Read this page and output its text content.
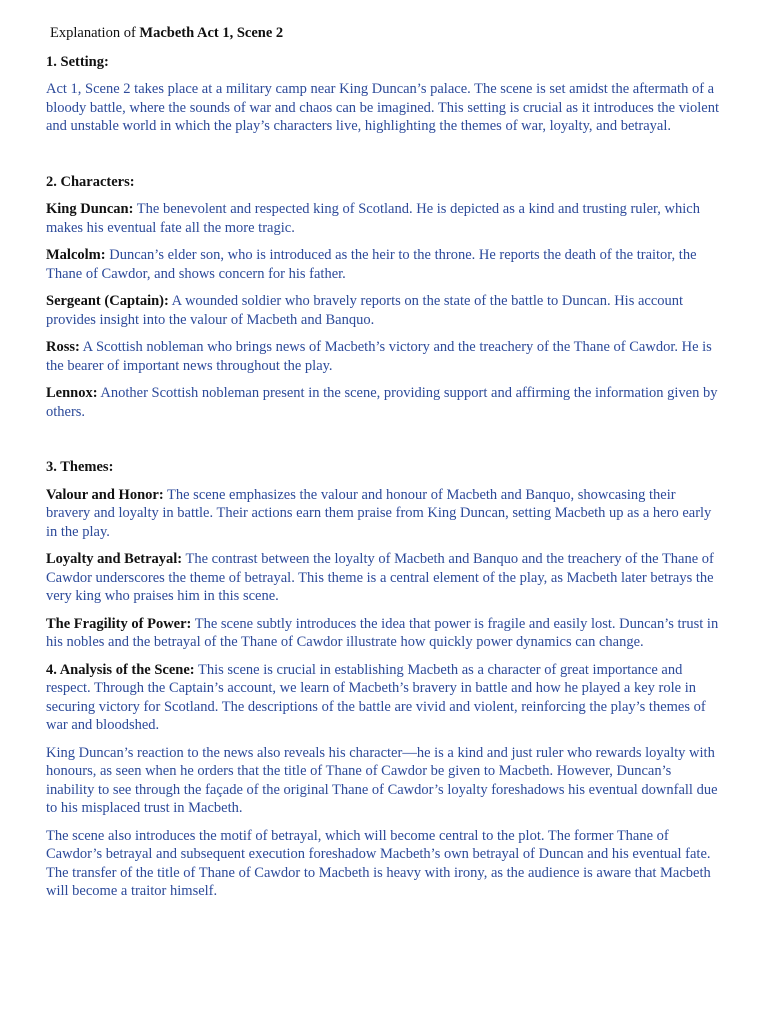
Explanation of Macbeth Act 1, Scene 2
1. Setting:

Act 1, Scene 2 takes place at a military camp near King Duncan’s palace. The scene is set amidst the aftermath of a bloody battle, where the sounds of war and chaos can be imagined. This setting is crucial as it introduces the violent and unstable world in which the play’s characters live, highlighting the themes of war, loyalty, and betrayal.

2. Characters:

King Duncan: The benevolent and respected king of Scotland. He is depicted as a kind and trusting ruler, which makes his eventual fate all the more tragic.

Malcolm: Duncan’s elder son, who is introduced as the heir to the throne. He reports the death of the traitor, the Thane of Cawdor, and shows concern for his father.

Sergeant (Captain): A wounded soldier who bravely reports on the state of the battle to Duncan. His account provides insight into the valour of Macbeth and Banquo.

Ross: A Scottish nobleman who brings news of Macbeth’s victory and the treachery of the Thane of Cawdor. He is the bearer of important news throughout the play.

Lennox: Another Scottish nobleman present in the scene, providing support and affirming the information given by others.

3. Themes:

Valour and Honor: The scene emphasizes the valour and honour of Macbeth and Banquo, showcasing their bravery and loyalty in battle. Their actions earn them praise from King Duncan, setting Macbeth up as a hero early in the play.

Loyalty and Betrayal: The contrast between the loyalty of Macbeth and Banquo and the treachery of the Thane of Cawdor underscores the theme of betrayal. This theme is a central element of the play, as Macbeth later betrays the very king who praises him in this scene.

The Fragility of Power: The scene subtly introduces the idea that power is fragile and easily lost. Duncan’s trust in his nobles and the betrayal of the Thane of Cawdor illustrate how quickly power dynamics can change.

4. Analysis of the Scene: This scene is crucial in establishing Macbeth as a character of great importance and respect. Through the Captain’s account, we learn of Macbeth’s bravery in battle and how he played a key role in securing victory for Scotland. The descriptions of the battle are vivid and violent, reinforcing the play’s themes of war and bloodshed.

King Duncan’s reaction to the news also reveals his character—he is a kind and just ruler who rewards loyalty with honours, as seen when he orders that the title of Thane of Cawdor be given to Macbeth. However, Duncan’s inability to see through the façade of the original Thane of Cawdor’s loyalty foreshadows his eventual downfall due to his misplaced trust in Macbeth.

The scene also introduces the motif of betrayal, which will become central to the plot. The former Thane of Cawdor’s betrayal and subsequent execution foreshadow Macbeth’s own betrayal of Duncan and his eventual fate. The transfer of the title of Thane of Cawdor to Macbeth is heavy with irony, as the audience is aware that Macbeth will become a traitor himself.
